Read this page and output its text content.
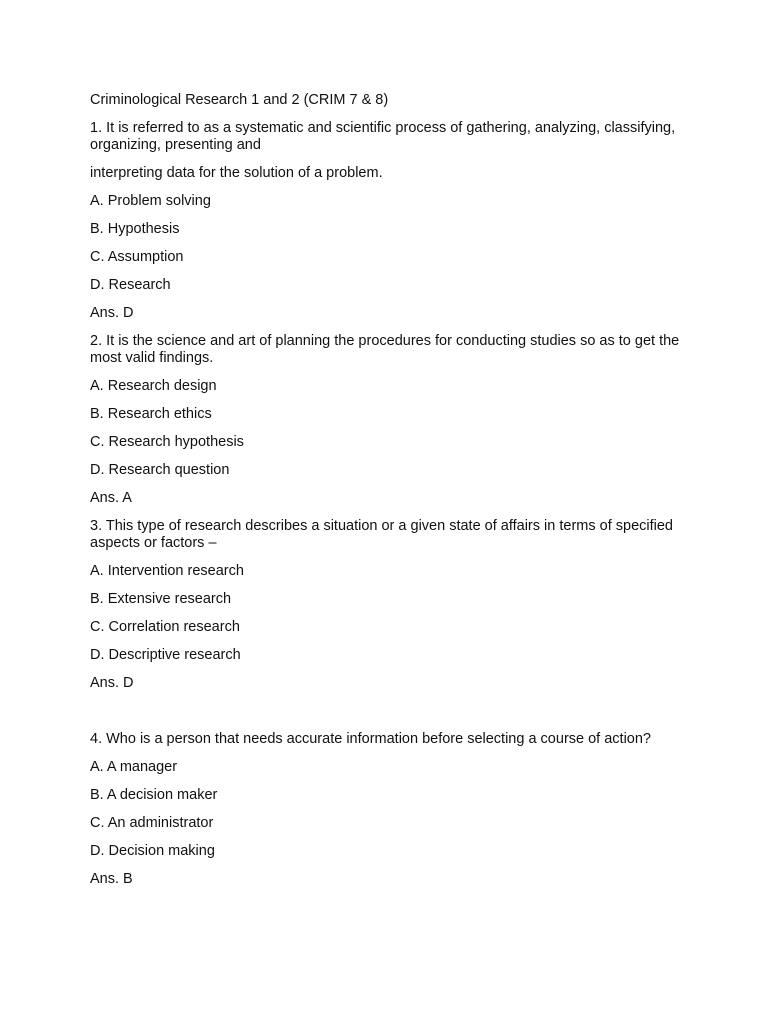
Criminological Research 1 and 2 (CRIM 7 & 8)
1. It is referred to as a systematic and scientific process of gathering, analyzing, classifying, organizing, presenting and
interpreting data for the solution of a problem.
A. Problem solving
B. Hypothesis
C. Assumption
D. Research
Ans. D
2. It is the science and art of planning the procedures for conducting studies so as to get the most valid findings.
A. Research design
B. Research ethics
C. Research hypothesis
D. Research question
Ans. A
3. This type of research describes a situation or a given state of affairs in terms of specified aspects or factors –
A. Intervention research
B. Extensive research
C. Correlation research
D. Descriptive research
Ans. D
4. Who is a person that needs accurate information before selecting a course of action?
A. A manager
B. A decision maker
C. An administrator
D. Decision making
Ans. B
